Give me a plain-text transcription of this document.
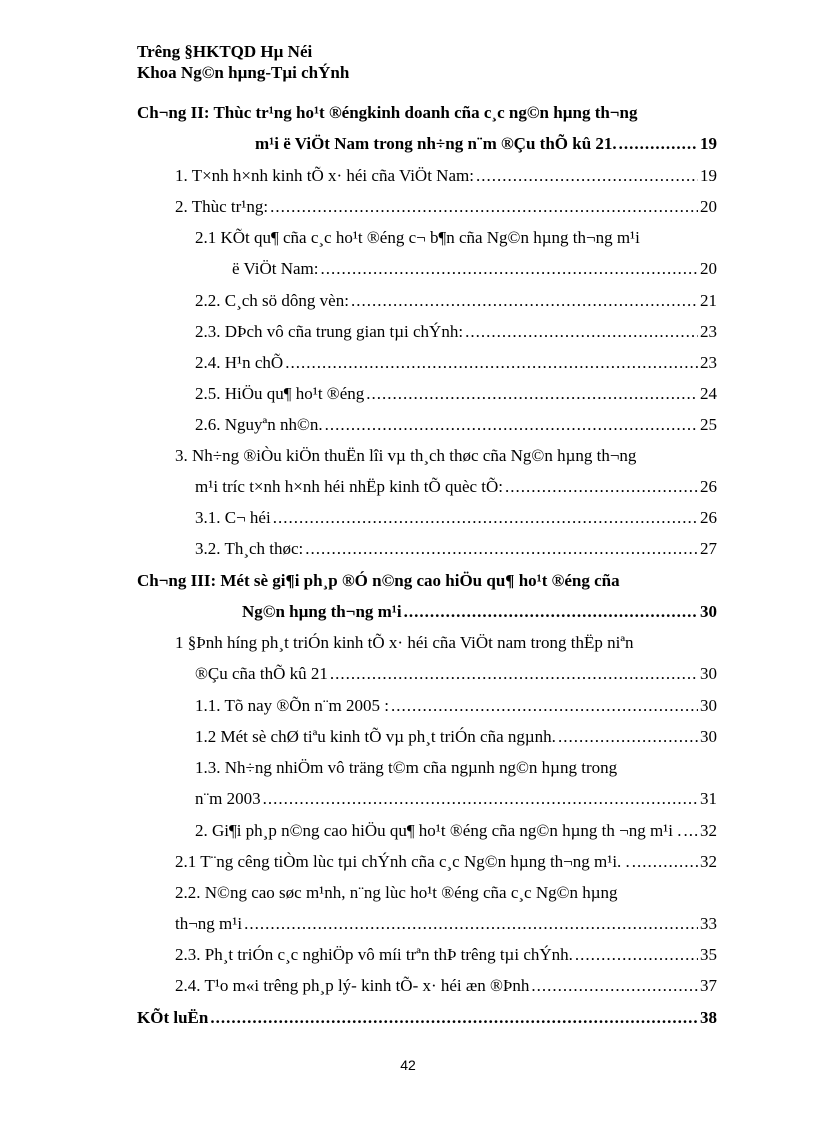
Trêng §HKTQD Hµ Néi
Khoa Ng©n hµng-Tµi chÝnh
Ch¬ng II: Thùc tr¹ng ho¹t ®éngkinh doanh cña c¸c ng©n hµng th¬ng
m¹i ë ViÖt Nam trong nh÷ng n¨m ®Çu thÕ kû 21. .....	19
1. T×nh h×nh kinh tÕ x· héi cña ViÖt Nam: .....	19
2. Thùc tr¹ng: .....	20
2.1 KÕt qu¶ cña c¸c ho¹t ®éng c¬ b¶n cña Ng©n hµng th¬ng m¹i
ë ViÖt Nam: .....	20
2.2. C¸ch sö dông vèn: .....	21
2.3. DÞch vô cña trung gian tµi chÝnh: .....	23
2.4. H¹n chÕ .....	23
2.5. HiÖu qu¶ ho¹t ®éng .....	24
2.6. Nguyªn nh©n. .....	25
3. Nh÷ng ®iÒu kiÖn thuËn lîi vµ th¸ch thøc cña Ng©n hµng th¬ng
m¹i tríc t×nh h×nh héi nhËp kinh tÕ quèc tÕ: .....	26
3.1. C¬ héi .....	26
3.2. Th¸ch thøc: .....	27
Ch¬ng III: Mét sè gi¶i ph¸p ®Ó n©ng cao hiÖu qu¶ ho¹t ®éng cña
Ng©n hµng th¬ng m¹i .....	30
1 §Þnh híng ph¸t triÓn kinh tÕ x· héi cña ViÖt nam trong thËp niªn
®Çu cña thÕ kû 21 .....	30
1.1. Tõ nay ®Õn n¨m 2005 : .....	30
1.2 Mét sè chØ tiªu kinh tÕ vµ ph¸t triÓn cña ngµnh. .....	30
1.3. Nh÷ng nhiÖm vô träng t©m cña ngµnh ng©n hµng trong
n¨m 2003 .....	31
2. Gi¶i ph¸p n©ng cao hiÖu qu¶ ho¹t ®éng cña ng©n hµng th ¬ng m¹i . ..... 32
2.1 T¨ng cêng tiÒm lùc tµi chÝnh cña c¸c Ng©n hµng th¬ng m¹i. . .....	32
2.2. N©ng cao søc m¹nh, n¨ng lùc ho¹t ®éng cña c¸c Ng©n hµng
th¬ng m¹i .....	33
2.3. Ph¸t triÓn c¸c nghiÖp vô míi trªn thÞ trêng tµi chÝnh. .....	35
2.4. T¹o m«i trêng ph¸p lý- kinh tÕ- x· héi æn ®Þnh .....	37
KÕt luËn .....	38
42
